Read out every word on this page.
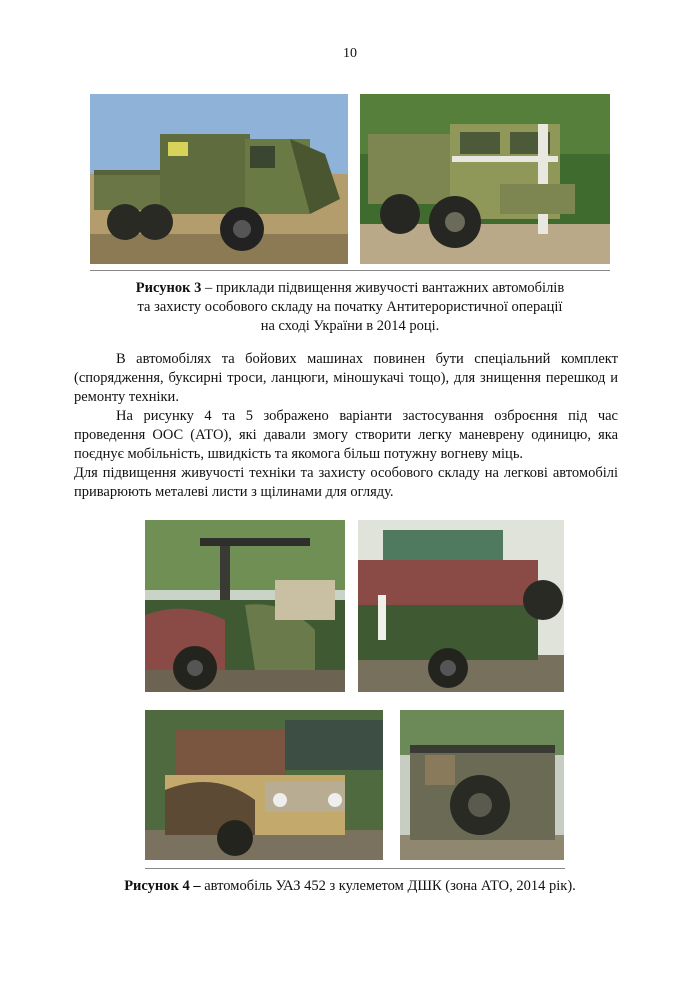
10
Рисунок 3 – приклади підвищення живучості вантажних автомобілів
та захисту особового складу на початку Антитерористичної операції
на сході України в 2014 році.

В автомобілях та бойових машинах повинен бути спеціальний комплект (спорядження, буксирні троси, ланцюги, міношукачі тощо), для знищення перешкод и ремонту техніки.

На рисунку 4 та 5 зображено варіанти застосування озброєння під час проведення ООС (АТО), які давали змогу створити легку маневрену одиницю, яка поєднує мобільність, швидкість та якомога більш потужну вогневу міць.

Для підвищення живучості техніки та захисту особового складу на легкові автомобілі приварюють металеві листи з щілинами для огляду.

Рисунок 4 – автомобіль УАЗ 452 з кулеметом ДШК (зона АТО, 2014 рік).
